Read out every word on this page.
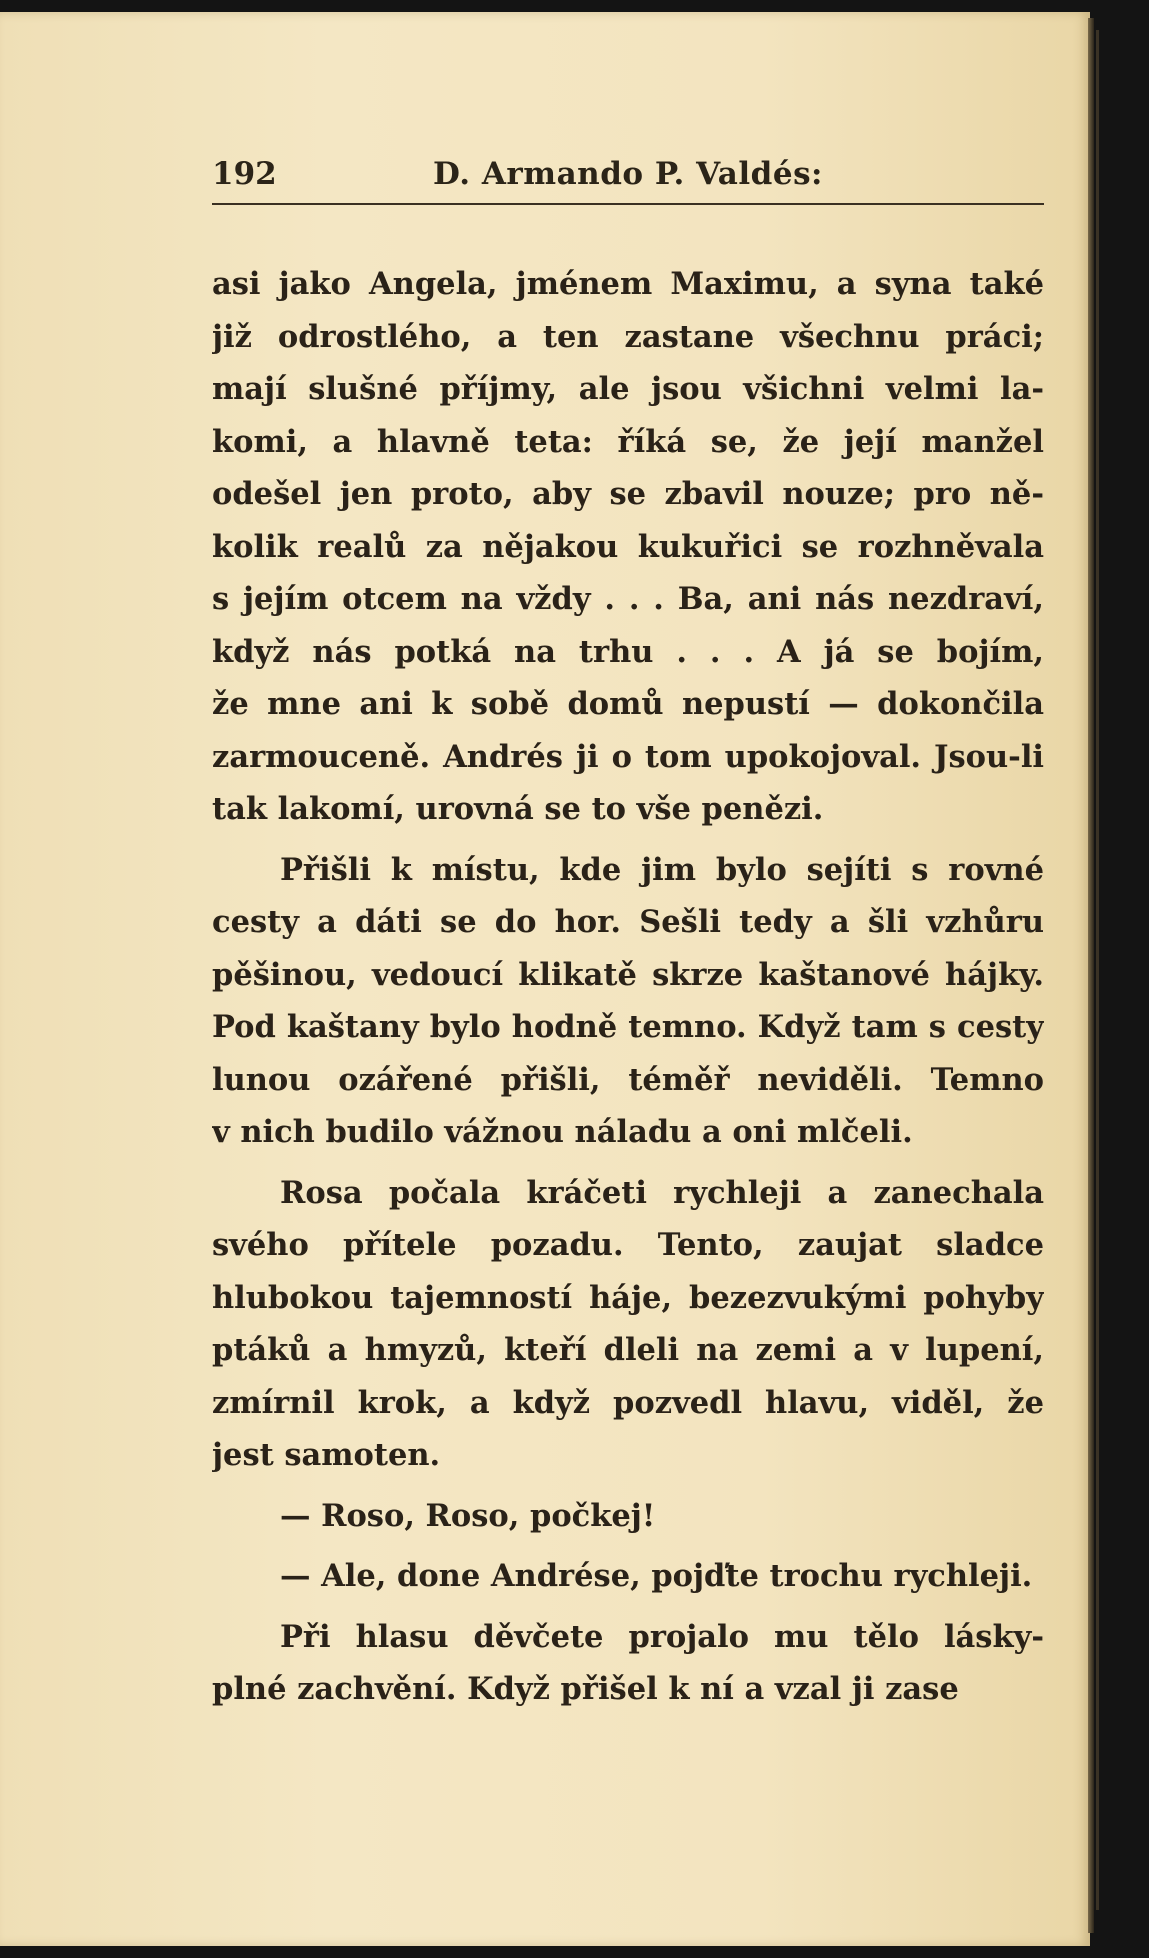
192	D. Armando P. Valdés:
asi jako Angela, jménem Maximu, a syna také
již odrostlého, a ten zastane všechnu práci;
mají slušné příjmy, ale jsou všichni velmi la-
komi, a hlavně teta: říká se, že její manžel
odešel jen proto, aby se zbavil nouze; pro ně-
kolik realů za nějakou kukuřici se rozhněvala
s jejím otcem na vždy . . . Ba, ani nás nezdraví,
když nás potká na trhu . . . A já se bojím,
že mne ani k sobě domů nepustí — dokončila
zarmouceně. Andrés ji o tom upokojoval. Jsou-li
tak lakomí, urovná se to vše penězi.
Přišli k místu, kde jim bylo sejíti s rovné
cesty a dáti se do hor. Sešli tedy a šli vzhůru
pěšinou, vedoucí klikatě skrze kaštanové hájky.
Pod kaštany bylo hodně temno. Když tam s cesty
lunou ozářené přišli, téměř neviděli. Temno
v nich budilo vážnou náladu a oni mlčeli.
Rosa počala kráčeti rychleji a zanechala
svého přítele pozadu. Tento, zaujat sladce
hlubokou tajemností háje, bezezvukými pohyby
ptáků a hmyzů, kteří dleli na zemi a v lupení,
zmírnil krok, a když pozvedl hlavu, viděl, že
jest samoten.
— Roso, Roso, počkej!
— Ale, done Andrése, pojďte trochu rychleji.
Při hlasu děvčete projalo mu tělo lásky-
plné zachvění. Když přišel k ní a vzal ji zase
